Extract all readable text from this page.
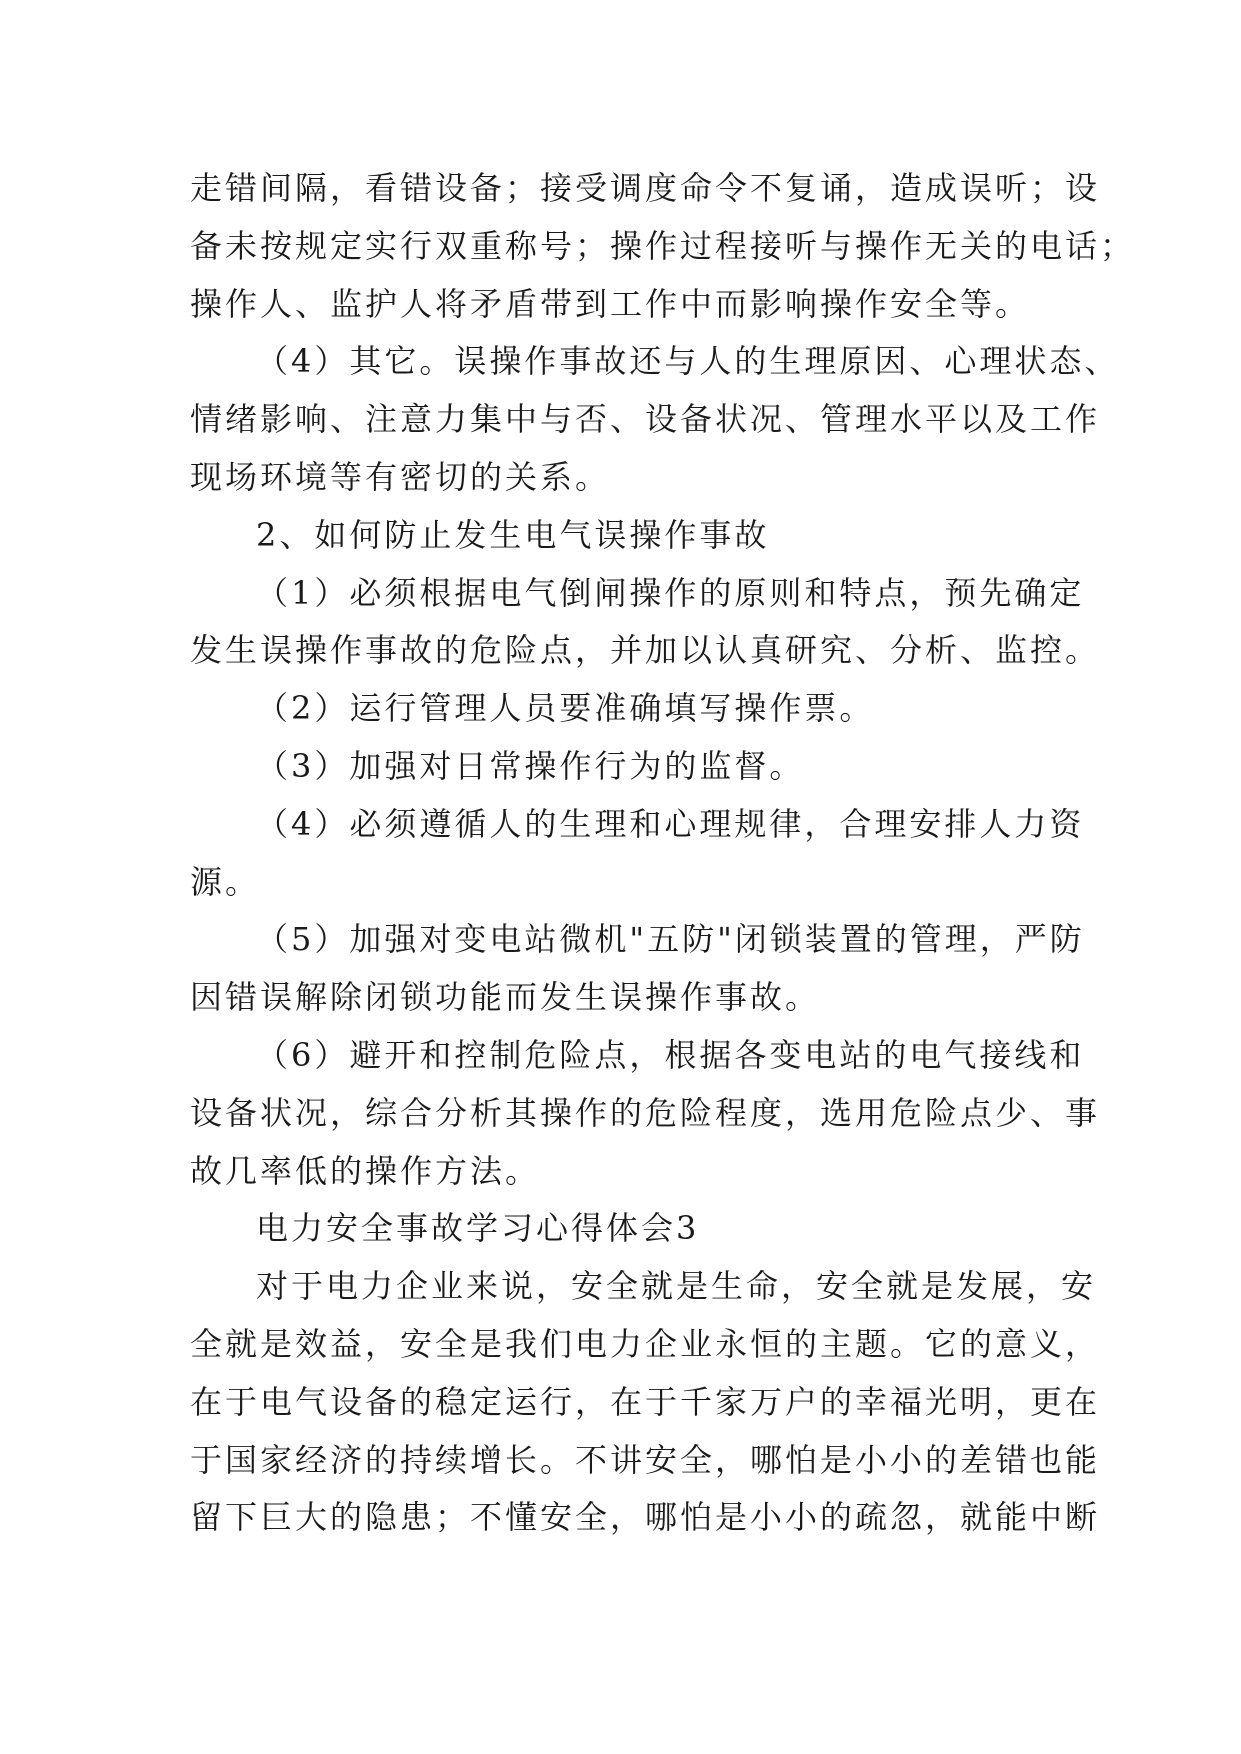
走错间隔，看错设备；接受调度命令不复诵，造成误听；设
备未按规定实行双重称号；操作过程接听与操作无关的电话；
操作人、监护人将矛盾带到工作中而影响操作安全等。
（4）其它。误操作事故还与人的生理原因、心理状态、
情绪影响、注意力集中与否、设备状况、管理水平以及工作
现场环境等有密切的关系。
2、如何防止发生电气误操作事故
（1）必须根据电气倒闸操作的原则和特点，预先确定
发生误操作事故的危险点，并加以认真研究、分析、监控。
（2）运行管理人员要准确填写操作票。
（3）加强对日常操作行为的监督。
（4）必须遵循人的生理和心理规律，合理安排人力资
源。
（5）加强对变电站微机"五防"闭锁装置的管理，严防
因错误解除闭锁功能而发生误操作事故。
（6）避开和控制危险点，根据各变电站的电气接线和
设备状况，综合分析其操作的危险程度，选用危险点少、事
故几率低的操作方法。
电力安全事故学习心得体会3
对于电力企业来说，安全就是生命，安全就是发展，安
全就是效益，安全是我们电力企业永恒的主题。它的意义，
在于电气设备的稳定运行，在于千家万户的幸福光明，更在
于国家经济的持续增长。不讲安全，哪怕是小小的差错也能
留下巨大的隐患；不懂安全，哪怕是小小的疏忽，就能中断
